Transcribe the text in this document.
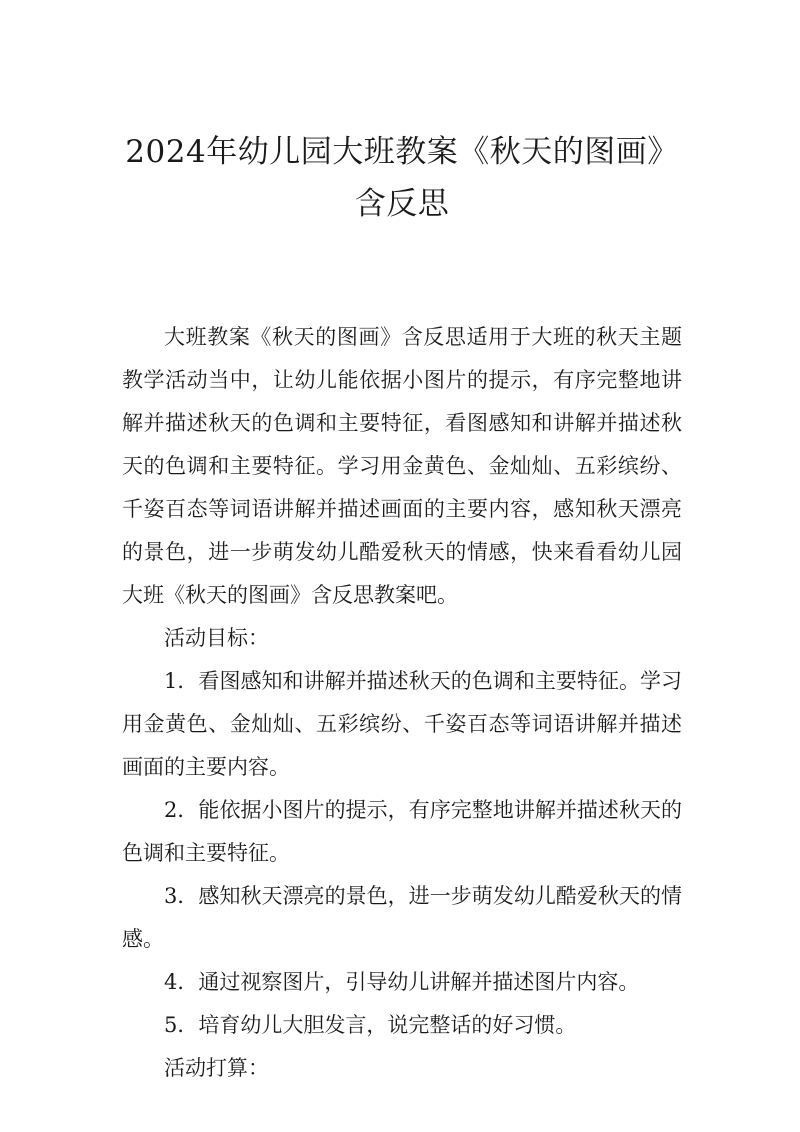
2024年幼儿园大班教案《秋天的图画》含反思

大班教案《秋天的图画》含反思适用于大班的秋天主题教学活动当中，让幼儿能依据小图片的提示，有序完整地讲解并描述秋天的色调和主要特征，看图感知和讲解并描述秋天的色调和主要特征。学习用金黄色、金灿灿、五彩缤纷、千姿百态等词语讲解并描述画面的主要内容，感知秋天漂亮的景色，进一步萌发幼儿酷爱秋天的情感，快来看看幼儿园大班《秋天的图画》含反思教案吧。

活动目标：

1．看图感知和讲解并描述秋天的色调和主要特征。学习用金黄色、金灿灿、五彩缤纷、千姿百态等词语讲解并描述画面的主要内容。

2．能依据小图片的提示，有序完整地讲解并描述秋天的色调和主要特征。

3．感知秋天漂亮的景色，进一步萌发幼儿酷爱秋天的情感。

4．通过视察图片，引导幼儿讲解并描述图片内容。

5．培育幼儿大胆发言，说完整话的好习惯。

活动打算：
